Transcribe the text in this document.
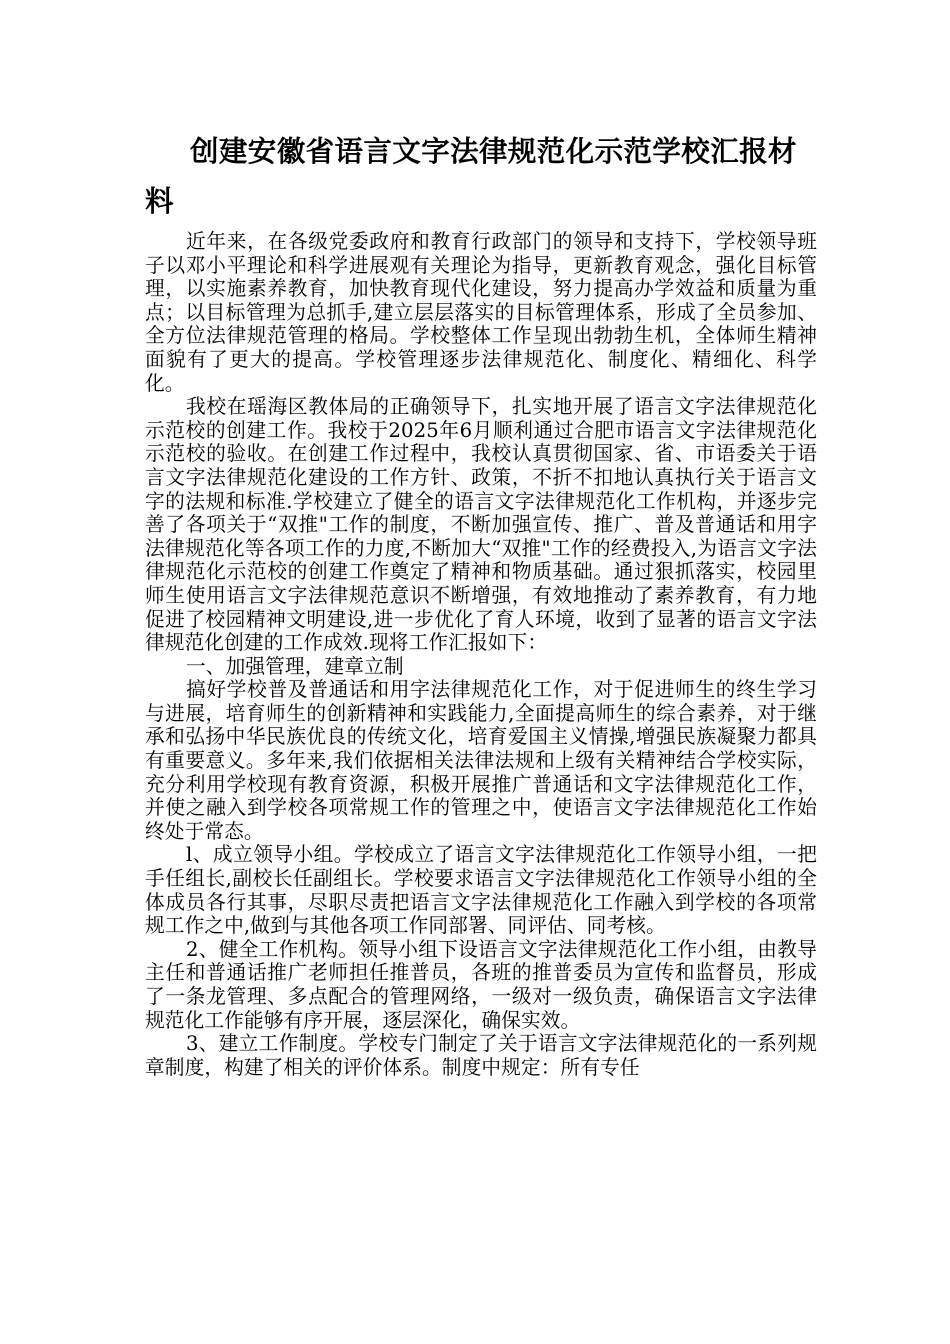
创建安徽省语言文字法律规范化示范学校汇报材料

近年来，在各级党委政府和教育行政部门的领导和支持下，学校领导班子以邓小平理论和科学进展观有关理论为指导，更新教育观念，强化目标管理，以实施素养教育，加快教育现代化建设，努力提高办学效益和质量为重点；以目标管理为总抓手,建立层层落实的目标管理体系，形成了全员参加、全方位法律规范管理的格局。学校整体工作呈现出勃勃生机，全体师生精神面貌有了更大的提高。学校管理逐步法律规范化、制度化、精细化、科学化。

我校在瑶海区教体局的正确领导下，扎实地开展了语言文字法律规范化示范校的创建工作。我校于2025年6月顺利通过合肥市语言文字法律规范化示范校的验收。在创建工作过程中，我校认真贯彻国家、省、市语委关于语言文字法律规范化建设的工作方针、政策，不折不扣地认真执行关于语言文字的法规和标准.学校建立了健全的语言文字法律规范化工作机构，并逐步完善了各项关于“双推"工作的制度，不断加强宣传、推广、普及普通话和用字法律规范化等各项工作的力度,不断加大“双推"工作的经费投入,为语言文字法律规范化示范校的创建工作奠定了精神和物质基础。通过狠抓落实，校园里师生使用语言文字法律规范意识不断增强，有效地推动了素养教育，有力地促进了校园精神文明建设,进一步优化了育人环境，收到了显著的语言文字法律规范化创建的工作成效.现将工作汇报如下：

一、加强管理，建章立制

搞好学校普及普通话和用字法律规范化工作，对于促进师生的终生学习与进展，培育师生的创新精神和实践能力,全面提高师生的综合素养，对于继承和弘扬中华民族优良的传统文化，培育爱国主义情操,增强民族凝聚力都具有重要意义。多年来,我们依据相关法律法规和上级有关精神结合学校实际，充分利用学校现有教育资源，积极开展推广普通话和文字法律规范化工作，并使之融入到学校各项常规工作的管理之中，使语言文字法律规范化工作始终处于常态。

l、成立领导小组。学校成立了语言文字法律规范化工作领导小组，一把手任组长,副校长任副组长。学校要求语言文字法律规范化工作领导小组的全体成员各行其事，尽职尽责把语言文字法律规范化工作融入到学校的各项常规工作之中,做到与其他各项工作同部署、同评估、同考核。

2、健全工作机构。领导小组下设语言文字法律规范化工作小组，由教导主任和普通话推广老师担任推普员，各班的推普委员为宣传和监督员，形成了一条龙管理、多点配合的管理网络，一级对一级负责，确保语言文字法律规范化工作能够有序开展，逐层深化，确保实效。

3、建立工作制度。学校专门制定了关于语言文字法律规范化的一系列规章制度，构建了相关的评价体系。制度中规定：所有专任
